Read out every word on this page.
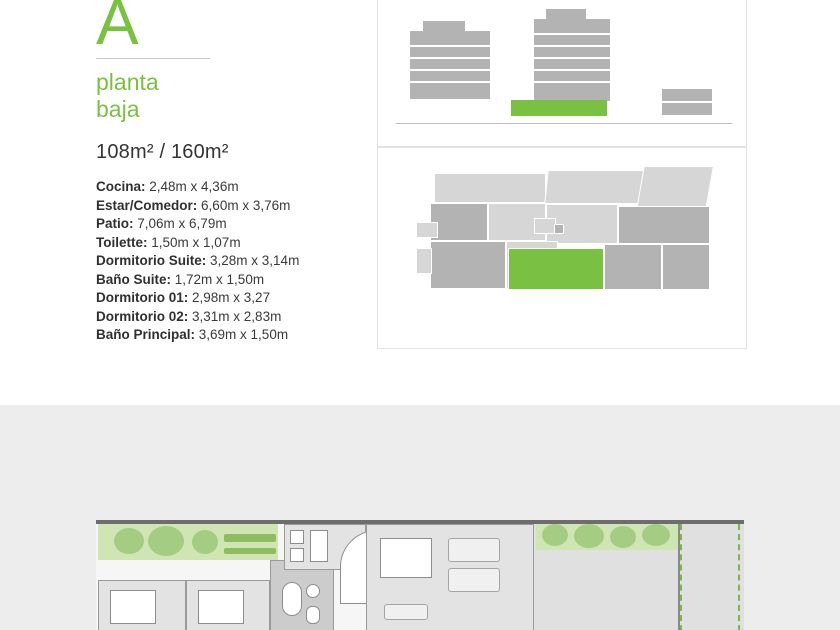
A
planta
baja
108m² / 160m²
Cocina: 2,48m x 4,36m
Estar/Comedor: 6,60m x 3,76m
Patio: 7,06m x 6,79m
Toilette: 1,50m x 1,07m
Dormitorio Suite: 3,28m x 3,14m
Baño Suite: 1,72m x 1,50m
Dormitorio 01: 2,98m x 3,27
Dormitorio 02: 3,31m x 2,83m
Baño Principal: 3,69m x 1,50m
